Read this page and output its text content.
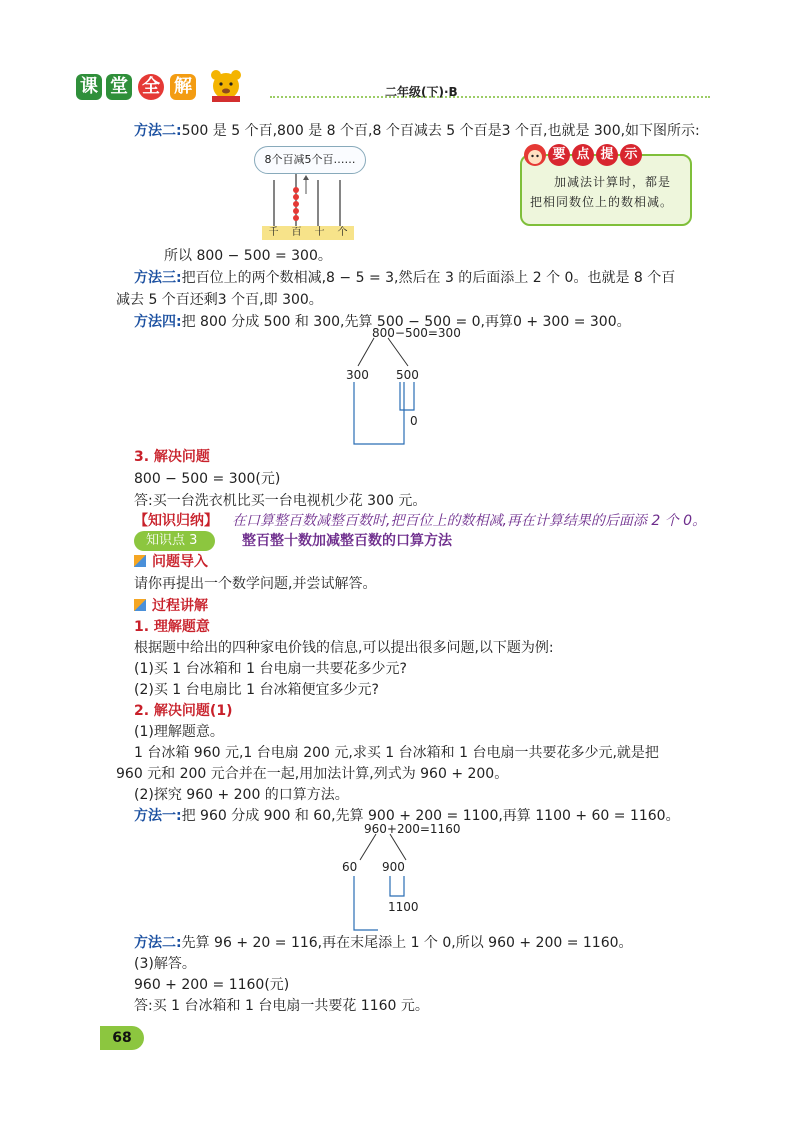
课 堂 全 解	二年级(下)·B
方法二:500 是 5 个百,800 是 8 个百,8 个百减去 5 个百是3 个百,也就是 300,如下图所示:
8个百减5个百……
千	百	十	个
要 点 提 示
加减法计算时，都是把相同数位上的数相减。
所以 800 − 500 = 300。
方法三:把百位上的两个数相减,8 − 5 = 3,然后在 3 的后面添上 2 个 0。也就是 8 个百
减去 5 个百还剩3 个百,即 300。
方法四:把 800 分成 500 和 300,先算 500 − 500 = 0,再算0 + 300 = 300。
800−500=300
300 500
0
3. 解决问题
800 − 500 = 300(元)
答:买一台洗衣机比买一台电视机少花 300 元。
【知识归纳】 在口算整百数减整百数时,把百位上的数相减,再在计算结果的后面添 2 个 0。
知识点 3	整百整十数加减整百数的口算方法
问题导入
请你再提出一个数学问题,并尝试解答。
过程讲解
1. 理解题意
根据题中给出的四种家电价钱的信息,可以提出很多问题,以下题为例:
(1)买 1 台冰箱和 1 台电扇一共要花多少元?
(2)买 1 台电扇比 1 台冰箱便宜多少元?
2. 解决问题(1)
(1)理解题意。
1 台冰箱 960 元,1 台电扇 200 元,求买 1 台冰箱和 1 台电扇一共要花多少元,就是把
960 元和 200 元合并在一起,用加法计算,列式为 960 + 200。
(2)探究 960 + 200 的口算方法。
方法一:把 960 分成 900 和 60,先算 900 + 200 = 1100,再算 1100 + 60 = 1160。
960+200=1160
60 900
1100
方法二:先算 96 + 20 = 116,再在末尾添上 1 个 0,所以 960 + 200 = 1160。
(3)解答。
960 + 200 = 1160(元)
答:买 1 台冰箱和 1 台电扇一共要花 1160 元。
68
